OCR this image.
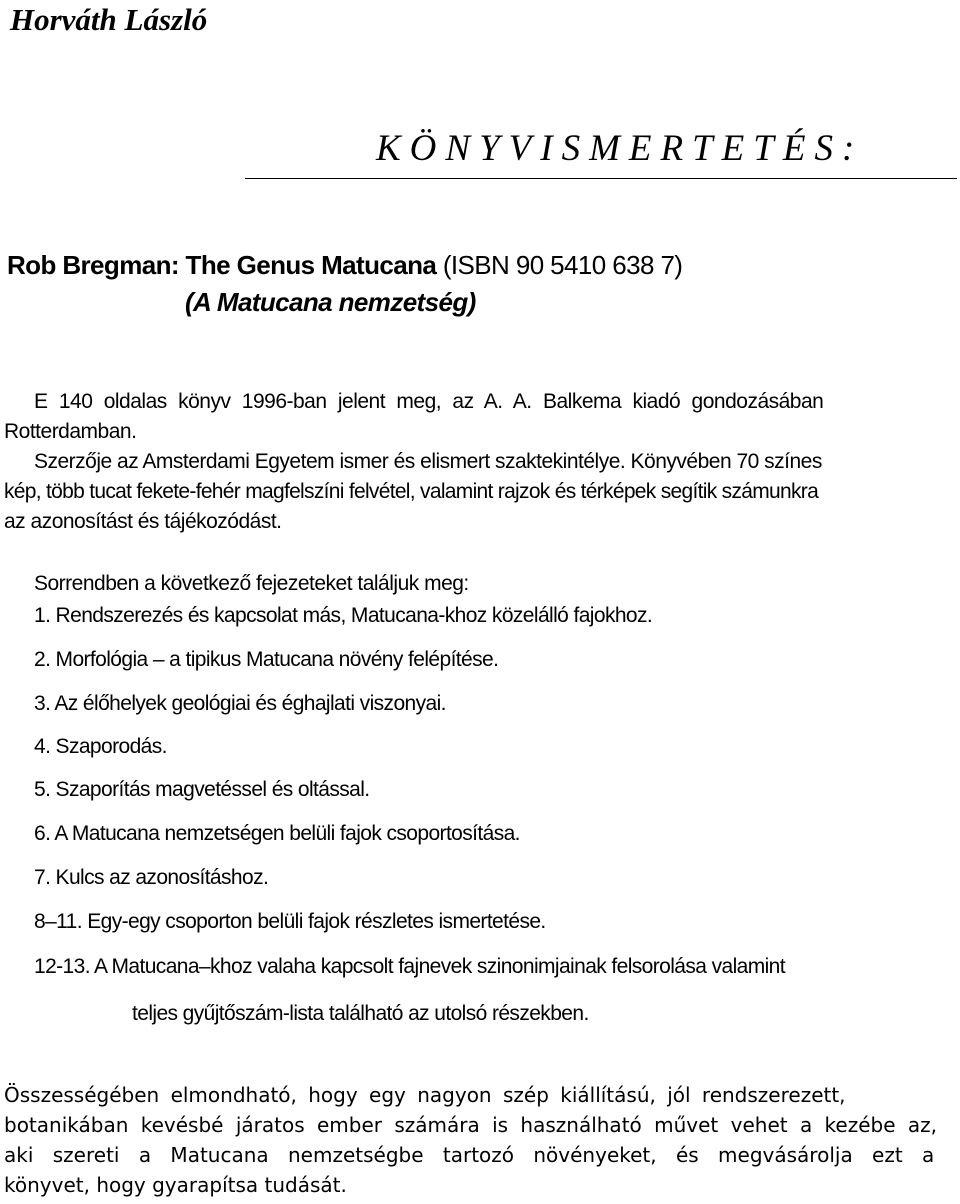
Horváth László
KÖNYVISMERTETÉS:
Rob Bregman: The Genus Matucana (ISBN 90 5410 638 7)
(A Matucana nemzetség)
E 140 oldalas könyv 1996-ban jelent meg, az A. A. Balkema kiadó gondozásában
Rotterdamban.
Szerzője az Amsterdami Egyetem ismer és elismert szaktekintélye. Könyvében 70 színes
kép, több tucat fekete-fehér magfelszíni felvétel, valamint rajzok és térképek segítik számunkra
az azonosítást és tájékozódást.
Sorrendben a következő fejezeteket találjuk meg:
1. Rendszerezés és kapcsolat más, Matucana-khoz közelálló fajokhoz.
2. Morfológia – a tipikus Matucana növény felépítése.
3. Az élőhelyek geológiai és éghajlati viszonyai.
4. Szaporodás.
5. Szaporítás magvetéssel és oltással.
6. A Matucana nemzetségen belüli fajok csoportosítása.
7. Kulcs az azonosításhoz.
8–11. Egy-egy csoporton belüli fajok részletes ismertetése.
12-13. A Matucana–khoz valaha kapcsolt fajnevek szinonimjainak felsorolása valamint
teljes gyűjtőszám-lista található az utolsó részekben.
Összességében elmondható, hogy egy nagyon szép kiállítású, jól rendszerezett,
botanikában kevésbé járatos ember számára is használható művet vehet a kezébe az,
aki szereti a Matucana nemzetségbe tartozó növényeket, és megvásárolja ezt a
könyvet, hogy gyarapítsa tudását.
